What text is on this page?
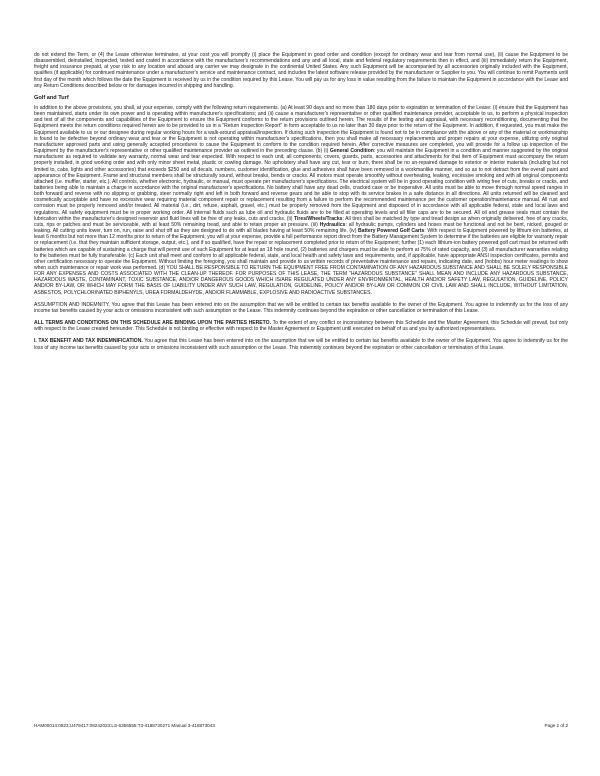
do not extend the Term, or (4) the Lease otherwise terminates, at your cost you will promptly (i) place the Equipment in good order and condition (except for ordinary wear and tear from normal use), (ii) cause the Equipment to be disassembled, deinstalled, inspected, tested and crated in accordance with the manufacturer's recommendations and any and all local, state and federal regulatory requirements then in effect, and (iii) immediately return the Equipment, freight and insurance prepaid, at your risk to any location and aboard any carrier we may designate in the continental United States. Any such Equipment will be accompanied by all accessories originally included with the Equipment, qualifies (if applicable) for continued maintenance under a manufacturer's service and maintenance contract, and includes the latest software release provided by the manufacturer or Supplier to you. You will continue to remit Payments until first day of the month which follows the date the Equipment is received by us in the condition required by this Lease. You will pay us for any loss in value resulting from the failure to maintain the Equipment in accordance with the Lease and any Return Conditions described below or for damages incurred in shipping and handling.

Golf and Turf

In addition to the above provisions, you shall, at your expense, comply with the following return requirements. (a) At least 90 days and no more than 180 days prior to expiration or termination of the Lease: (i) ensure that the Equipment has been maintained, starts under its own power and is operating within manufacturer's specifications; and (ii) cause a manufacturer's representative or other qualified maintenance provider, acceptable to us, to perform a physical inspection and test of all the components and capabilities of the Equipment to ensure the Equipment conforms to the return provisions outlined herein. The results of the testing and appraisal, with necessary reconditioning, documenting that the Equipment meets the return conditions required herein are to be provided to us in a "Return Inspection Report" in form acceptable to us no later than 30 days prior to the return of the Equipment. In addition, if requested, you must make the Equipment available to us or our designee during regular working hours for a walk-around appraisal/inspection. If during such inspection the Equipment is found not to be in compliance with the above or any of the material or workmanship is found to be defective beyond ordinary wear and tear or the Equipment is not operating within manufacturer's specifications, then you shall make all necessary replacements and proper repairs at your expense, utilizing only original manufacturer approved parts and using generally accepted procedures to cause the Equipment to conform to the condition required herein. After corrective measures are completed, you will provide for a follow up inspection of the Equipment by the manufacturer's representative or other qualified maintenance provider as outlined in the preceding clause. (b) (i) General Condition: you will maintain the Equipment in a condition and manner suggested by the original manufacturer as required to validate any warranty, normal wear and tear expected. With respect to each unit, all components, covers, guards, parts, accessories and attachments for that item of Equipment must accompany the return properly installed, in good working order and with only minor sheet metal, plastic or cowling damage. No upholstery shall have any cut, tear or burn, there shall be no un-repaired damage to exterior or interior materials (including but not limited to, cabs, lights and other accessories) that exceeds $250 and all decals, numbers, customer identification, glue and adhesives shall have been removed in a workmanlike manner, and so as to not detract from the overall paint and appearance of the Equipment. Frame and structural members shall be structurally sound, without breaks, bends or cracks. All motors must operate smoothly without overheating, leaking, excessive smoking and with all original components attached (i.e. muffler, starter, etc.). All controls, whether electronic, hydraulic, or manual, must operate per manufacturer's specifications. The electrical system will be in good operating condition with wiring free of cuts, breaks or cracks, and batteries being able to maintain a charge in accordance with the original manufacturer's specifications. No battery shall have any dead cells, cracked case or be inoperative. All units must be able to move through normal speed ranges in both forward and reverse with no slipping or grabbing, steer normally right and left in both forward and reverse gears and be able to stop with its service brakes in a safe distance in all directions. All units returned will be cleaned and cosmetically acceptable and have no excessive wear requiring material component repair or replacement resulting from a failure to perform the recommended maintenance per the customer operation/maintenance manual. All rust and corrosion must be properly removed and/or treated. All material (i.e., dirt, refuse, asphalt, gravel, etc.) must be properly removed from the Equipment and disposed of in accordance with all applicable federal, state and local laws and regulations. All safety equipment must be in proper working order. All internal fluids such as lube oil and hydraulic fluids are to be filled at operating levels and all filler caps are to be secured. All oil and grease seals must contain the lubrication within the manufacturer's designed reservoir and fluid lines will be free of any leaks, cuts and cracks. (ii) Tires/Wheels/Tracks: All tires shall be matched by type and tread design as when originally delivered, free of any cracks, cuts, rips or patches and must be serviceable, with at least 50% remaining tread, and able to retain proper air pressure. (iii) Hydraulics: all hydraulic pumps, cylinders and hoses must be functional and not be bent, nicked, gouged or leaking. All cutting units lower, turn on, run, raise and shut off as they are designed to do with all blades having at least 50% remaining life. (iv) Battery Powered Golf Carts: With respect to Equipment powered by lithium-ion batteries, at least 6 months but not more than 12 months prior to return of the Equipment, you will at your expense, provide a full performance report direct from the Battery Management System to determine if the batteries are eligible for warranty repair or replacement (i.e. that they maintain sufficient storage, output, etc.), and if so qualified, have the repair or replacement completed prior to return of the Equipment; further (1) each lithium-ion battery powered golf cart must be returned with batteries which are capable of sustaining a charge that will permit use of such Equipment for at least an 18 hole round, (2) batteries and chargers must be able to perform at 75% of rated capacity, and (3) all manufacturer warranties relating to the batteries must be fully transferable. (c) Each unit shall meet and conform to all applicable federal, state, and local health and safety laws and requirements, and, if applicable, have appropriate ANSI inspection certificates, permits and other certification necessary to operate the Equipment. Without limiting the foregoing, you shall maintain and provide to us written records of preventative maintenance and repairs, indicating date, and (hobbs) hour meter readings to show when such maintenance or repair work was performed. (d) YOU SHALL BE RESPONSIBLE TO RETURN THE EQUIPMENT FREE FROM CONTAMINATION OF ANY HAZARDOUS SUBSTANCE AND SHALL BE SOLELY RESPONSIBLE FOR ANY EXPENSES AND COSTS ASSOCIATED WITH THE CLEAN-UP THEREOF. FOR PURPOSES OF THIS LEASE, THE TERM "HAZARDOUS SUBSTANCE" SHALL MEAN AND INCLUDE ANY HAZARDOUS SUBSTANCE, HAZARDOUS WASTE, CONTAMINANT, TOXIC SUBSTANCE, AND/OR DANGEROUS GOODS WHICH IS/ARE REGULATED UNDER ANY ENVIRONMENTAL, HEALTH AND/OR SAFETY LAW, REGULATION, GUIDELINE, POLICY AND/OR BY-LAW, OR WHICH MAY FORM THE BASIS OF LIABILITY UNDER ANY SUCH LAW, REGULATION, GUIDELINE, POLICY AND/OR BY-LAW OR COMMON OR CIVIL LAW AND SHALL INCLUDE, WITHOUT LIMITATION, ASBESTOS, POLYCHLORINATED BIPHENYLS, UREA FORMALDEHYDE, AND/OR FLAMMABLE, EXPLOSIVE AND RADIOACTIVE SUBSTANCES.

ASSUMPTION AND INDEMNITY. You agree that this Lease has been entered into on the assumption that we will be entitled to certain tax benefits available to the owner of the Equipment. You agree to indemnify us for the loss of any income tax benefits caused by your acts or omissions inconsistent with such assumption or the Lease. This indemnity continues beyond the expiration or other cancellation or termination of this Lease.

ALL TERMS AND CONDITIONS ON THIS SCHEDULE ARE BINDING UPON THE PARTIES HERETO. To the extent of any conflict or inconsistency between this Schedule and the Master Agreement, this Schedule will prevail, but only with respect to the Lease created hereunder. This Schedule is not binding or effective with respect to the Master Agreement or Equipment until executed on behalf of us and you by authorized representatives.

I. TAX BENEFIT AND TAX INDEMNIFICATION. You agree that this Lease has been entered into on the assumption that we will be entitled to certain tax benefits available to the owner of the Equipment. You agree to indemnify us for the loss of any income tax benefits caused by your acts or omissions inconsistent with such assumption or the Lease. This indemnity continues beyond the expiration or other cancellation or termination of this Lease.

HAM00014:0823:U479417:08242023:LS-6356555:T3-4188730271 Manual 3-418873043	Page 2 of 2
